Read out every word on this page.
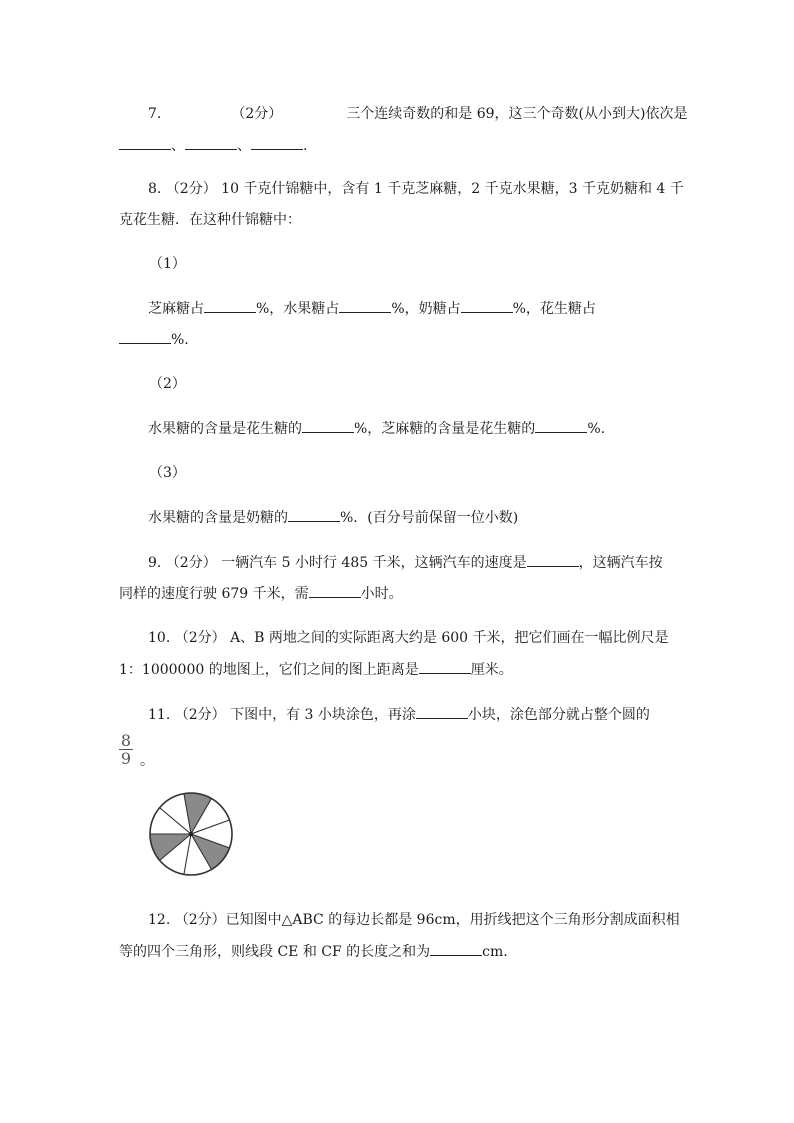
7.	（2分）	三个连续奇数的和是 69，这三个奇数(从小到大)依次是
、	、	.
8. （2分） 10 千克什锦糖中，含有 1 千克芝麻糖，2 千克水果糖，3 千克奶糖和 4 千
克花生糖．在这种什锦糖中：
（1）
芝麻糖占	%，水果糖占	%，奶糖占	%，花生糖占
%.
（2）
水果糖的含量是花生糖的	%，芝麻糖的含量是花生糖的	%.
（3）
水果糖的含量是奶糖的	%．(百分号前保留一位小数)
9. （2分） 一辆汽车 5 小时行 485 千米，这辆汽车的速度是	，这辆汽车按
同样的速度行驶 679 千米，需	小时。
10. （2分） A、B 两地之间的实际距离大约是 600 千米，把它们画在一幅比例尺是
1：1000000 的地图上，它们之间的图上距离是	厘米。
11. （2分） 下图中，有 3 小块涂色，再涂	小块，涂色部分就占整个圆的
8
9 。
12. （2分）已知图中△ABC 的每边长都是 96cm，用折线把这个三角形分割成面积相
等的四个三角形，则线段 CE 和 CF 的长度之和为	cm.
